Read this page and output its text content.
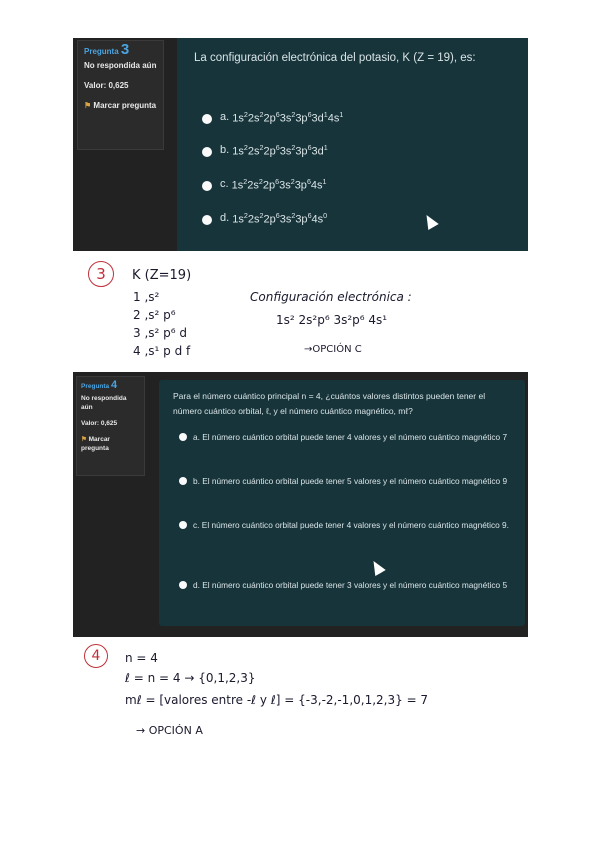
Pregunta 3
No respondida aún
Valor: 0,625
⚑ Marcar pregunta
La configuración electrónica del potasio, K (Z = 19), es:
a.
$1s^22s^22p^63s^23p^63d^14s^1$
b.
$1s^22s^22p^63s^23p^63d^1$
c.
$1s^22s^22p^63s^23p^64s^1$
d.
$1s^22s^22p^63s^23p^64s^0$
3	K (Z=19)
1 ,s²
2 ,s² p⁶
3 ,s² p⁶ d
4 ,s¹ p d f
Configuración electrónica :
1s² 2s²p⁶ 3s²p⁶ 4s¹
→OPCIÓN C
Pregunta 4
No respondida aún
Valor: 0,625
⚑ Marcar pregunta
Para el número cuántico principal n = 4, ¿cuántos valores distintos pueden tener el número cuántico orbital, ℓ, y el número cuántico magnético, mℓ?
a.
El número cuántico orbital puede tener 4 valores y el número cuántico magnético 7
b.
El número cuántico orbital puede tener 5 valores y el número cuántico magnético 9
c.
El número cuántico orbital puede tener 4 valores y el número cuántico magnético 9.
d.
El número cuántico orbital puede tener 3 valores y el número cuántico magnético 5
4	n = 4
ℓ = n = 4 → {0,1,2,3}
mℓ = [valores entre -ℓ y ℓ] = {-3,-2,-1,0,1,2,3} = 7
→ OPCIÓN A
